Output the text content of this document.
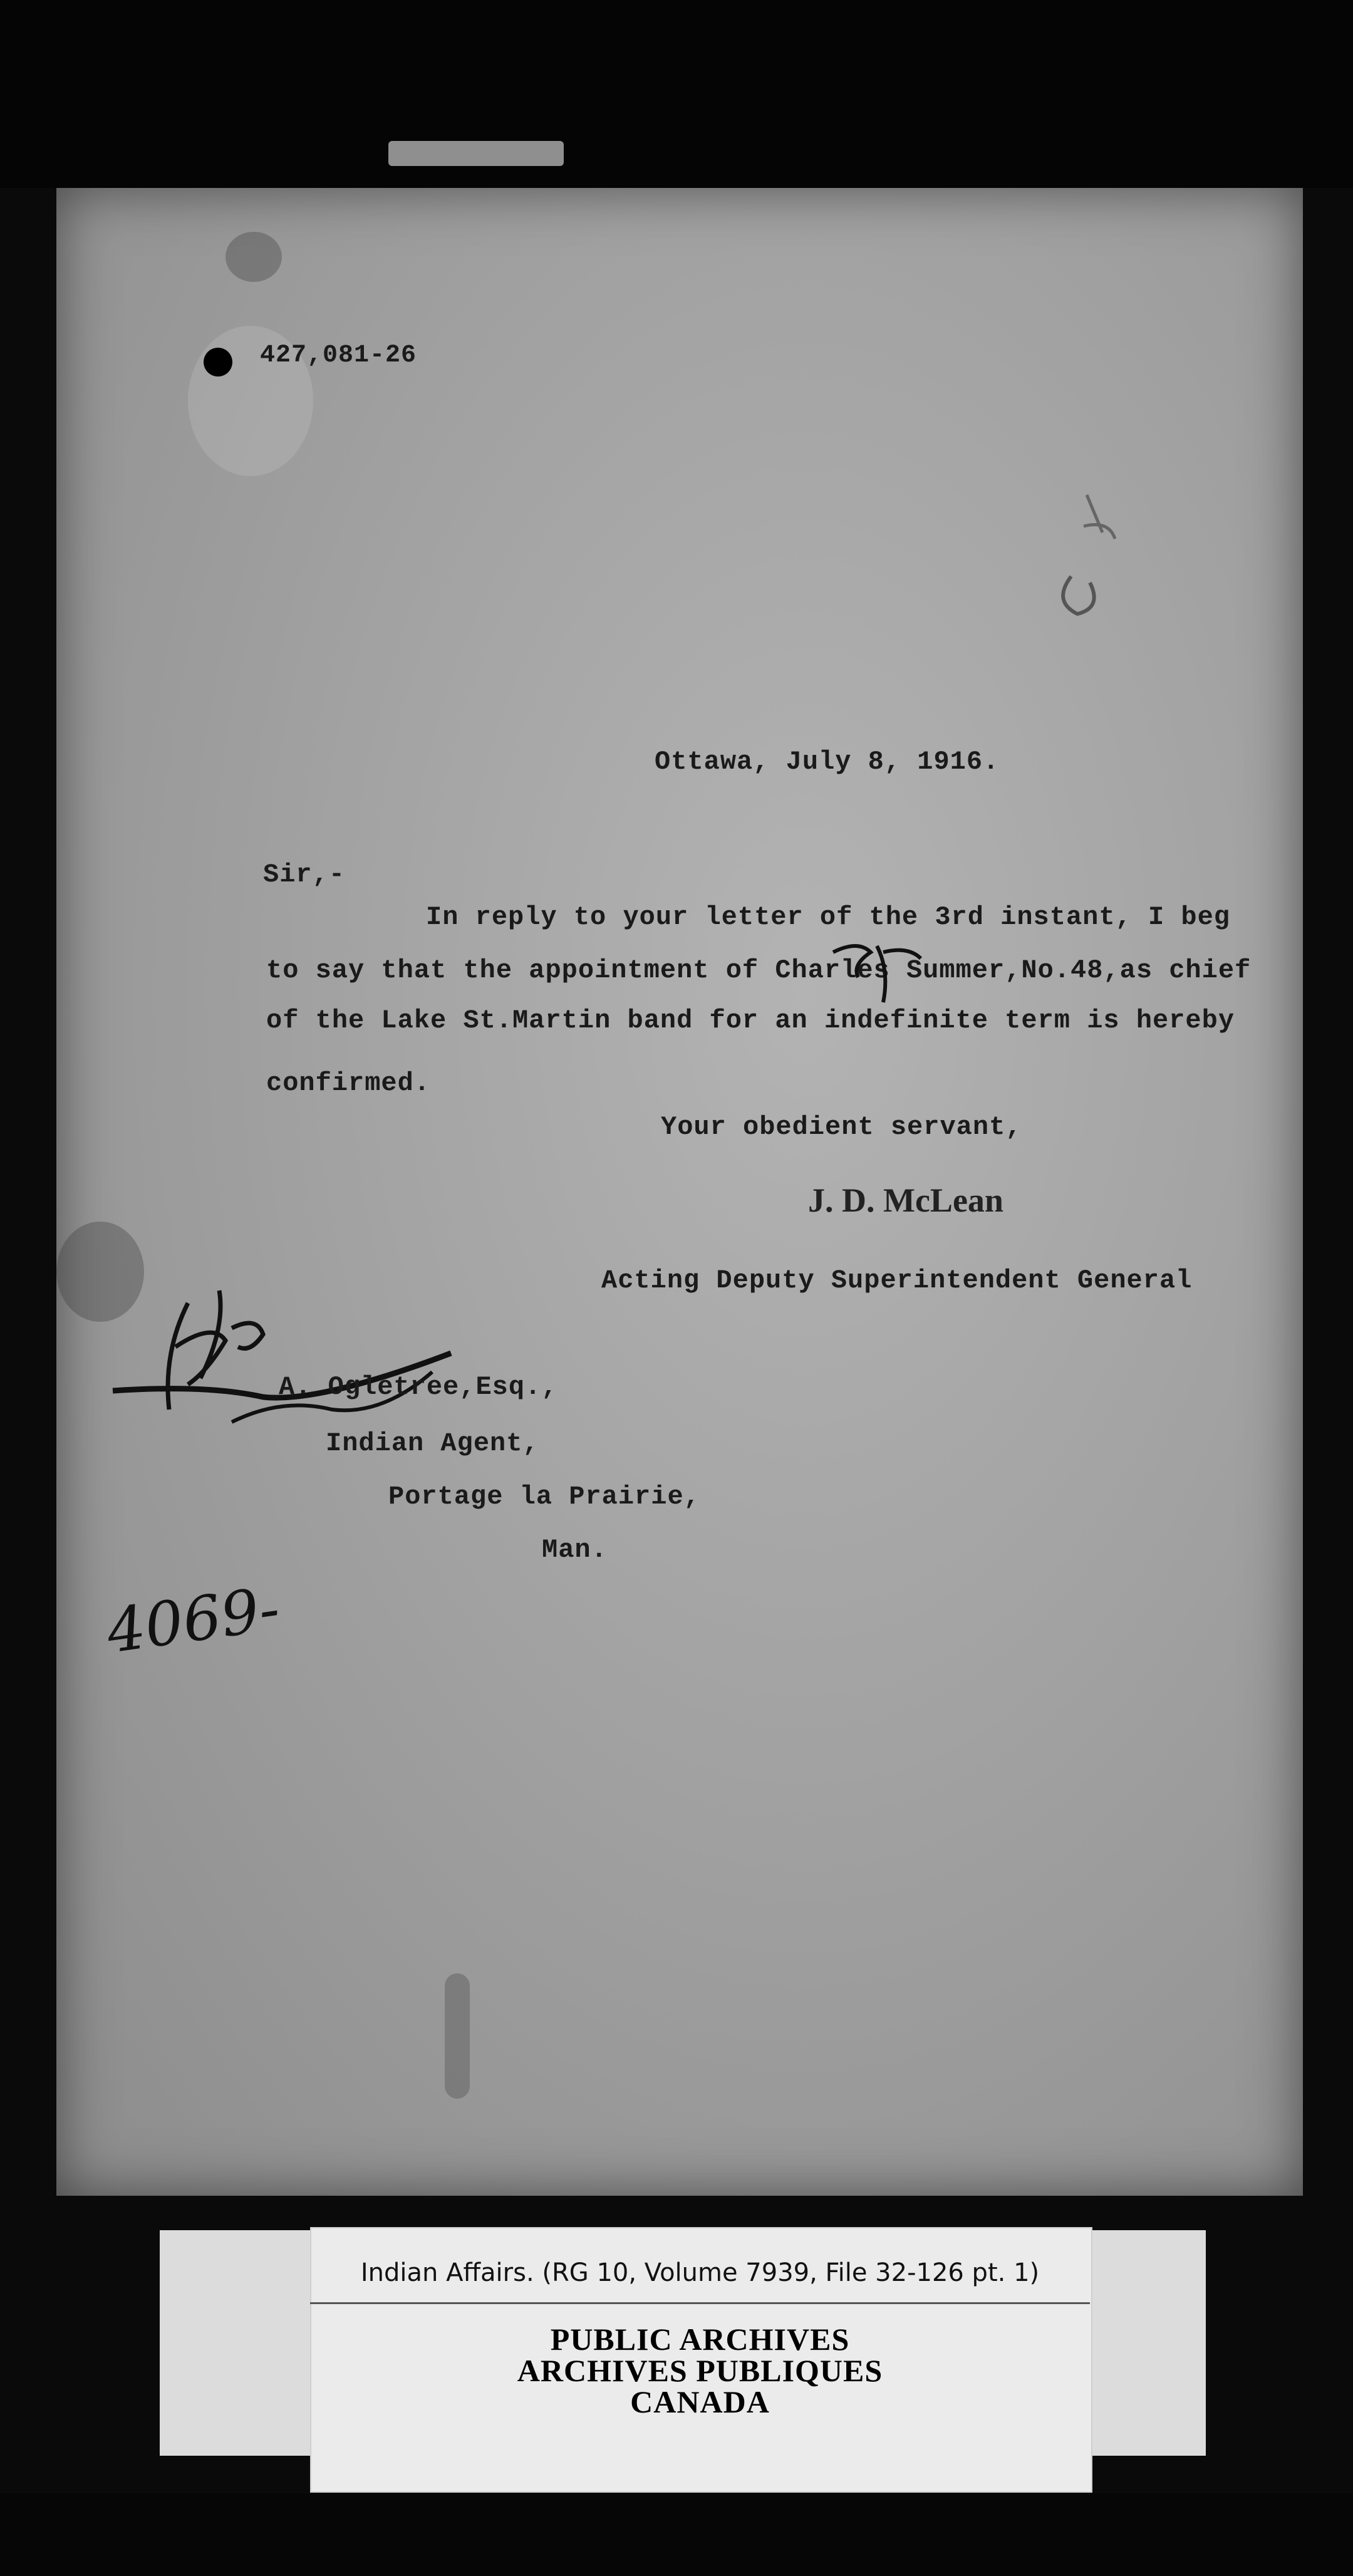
427,081-26
Ottawa, July 8, 1916.
Sir,-
In reply to your letter of the 3rd instant, I beg
to say that the appointment of Charles Summer,No.48,as chief
of the Lake St.Martin band for an indefinite term is hereby
confirmed.
Your obedient servant,
J. D. McLean
Acting Deputy Superintendent General
A. Ogletree,Esq.,
Indian Agent,
Portage la Prairie,
Man.
4069-
Indian Affairs. (RG 10, Volume 7939, File 32-126 pt. 1)
PUBLIC ARCHIVES
ARCHIVES PUBLIQUES
CANADA
